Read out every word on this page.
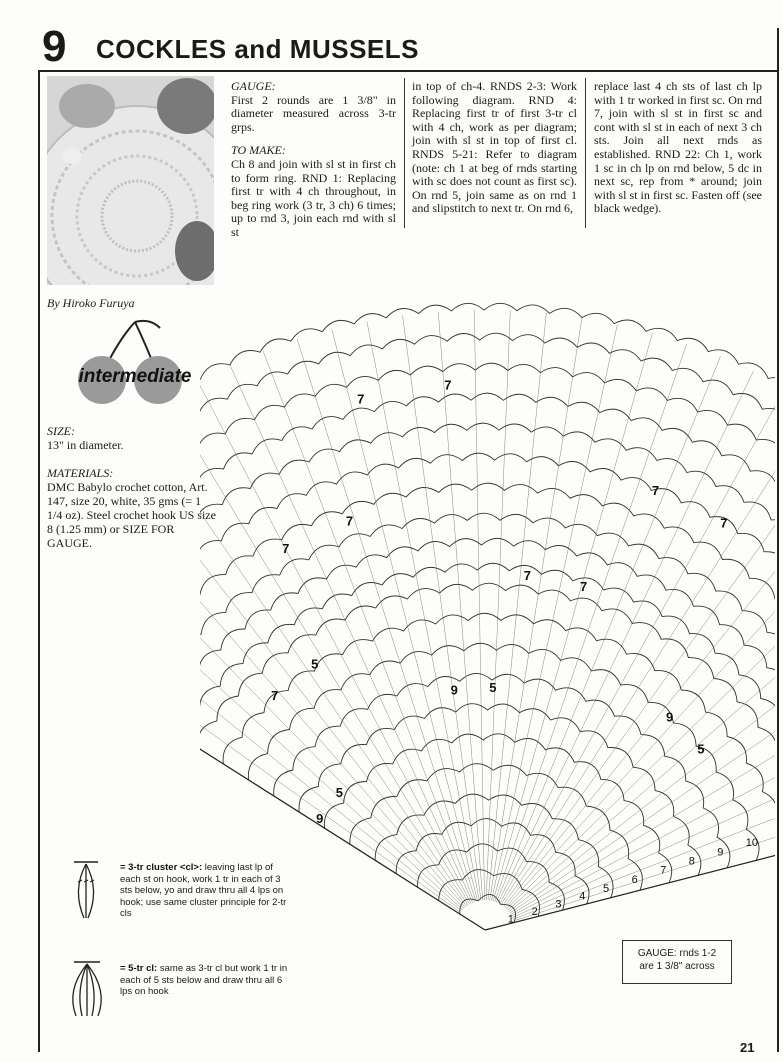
9 COCKLES and MUSSELS
By Hiroko Furuya
intermediate
SIZE:
13" in diameter.
MATERIALS:
DMC Babylo crochet cotton, Art. 147, size 20, white, 35 gms (= 1 1/4 oz). Steel crochet hook US size 8 (1.25 mm) or SIZE FOR GAUGE.
GAUGE:

First 2 rounds are 1 3/8" in diameter measured across 3-tr grps.

TO MAKE:

Ch 8 and join with sl st in first ch to form ring. RND 1: Replacing first tr with 4 ch throughout, in beg ring work (3 tr, 3 ch) 6 times; up to rnd 3, join each rnd with sl st

in top of ch-4. RNDS 2-3: Work following diagram. RND 4: Replacing first tr of first 3-tr cl with 4 ch, work as per diagram; join with sl st in top of first cl. RNDS 5-21: Refer to diagram (note: ch 1 at beg of rnds starting with sc does not count as first sc). On rnd 5, join same as on rnd 1 and slipstitch to next tr. On rnd 6,

replace last 4 ch sts of last ch lp with 1 tr worked in first sc. On rnd 7, join with sl st in first sc and cont with sl st in each of next 3 ch sts. Join all next rnds as established. RND 22: Ch 1, work 1 sc in ch lp on rnd below, 5 dc in next sc, rep from * around; join with sl st in first sc. Fasten off (see black wedge).

1
2
3
4
5
6
7
8
9
10
9
9
9
7
7
7
7
7
5
5
5
5
7
7	7
7
= 3-tr cluster <cl>: leaving last lp of each st on hook, work 1 tr in each of 3 sts below, yo and draw thru all 4 lps on hook; use same cluster principle for 2-tr cls
= 5-tr cl: same as 3-tr cl but work 1 tr in each of 5 sts below and draw thru all 6 lps on hook
GAUGE: rnds 1-2
are 1 3/8" across
21
